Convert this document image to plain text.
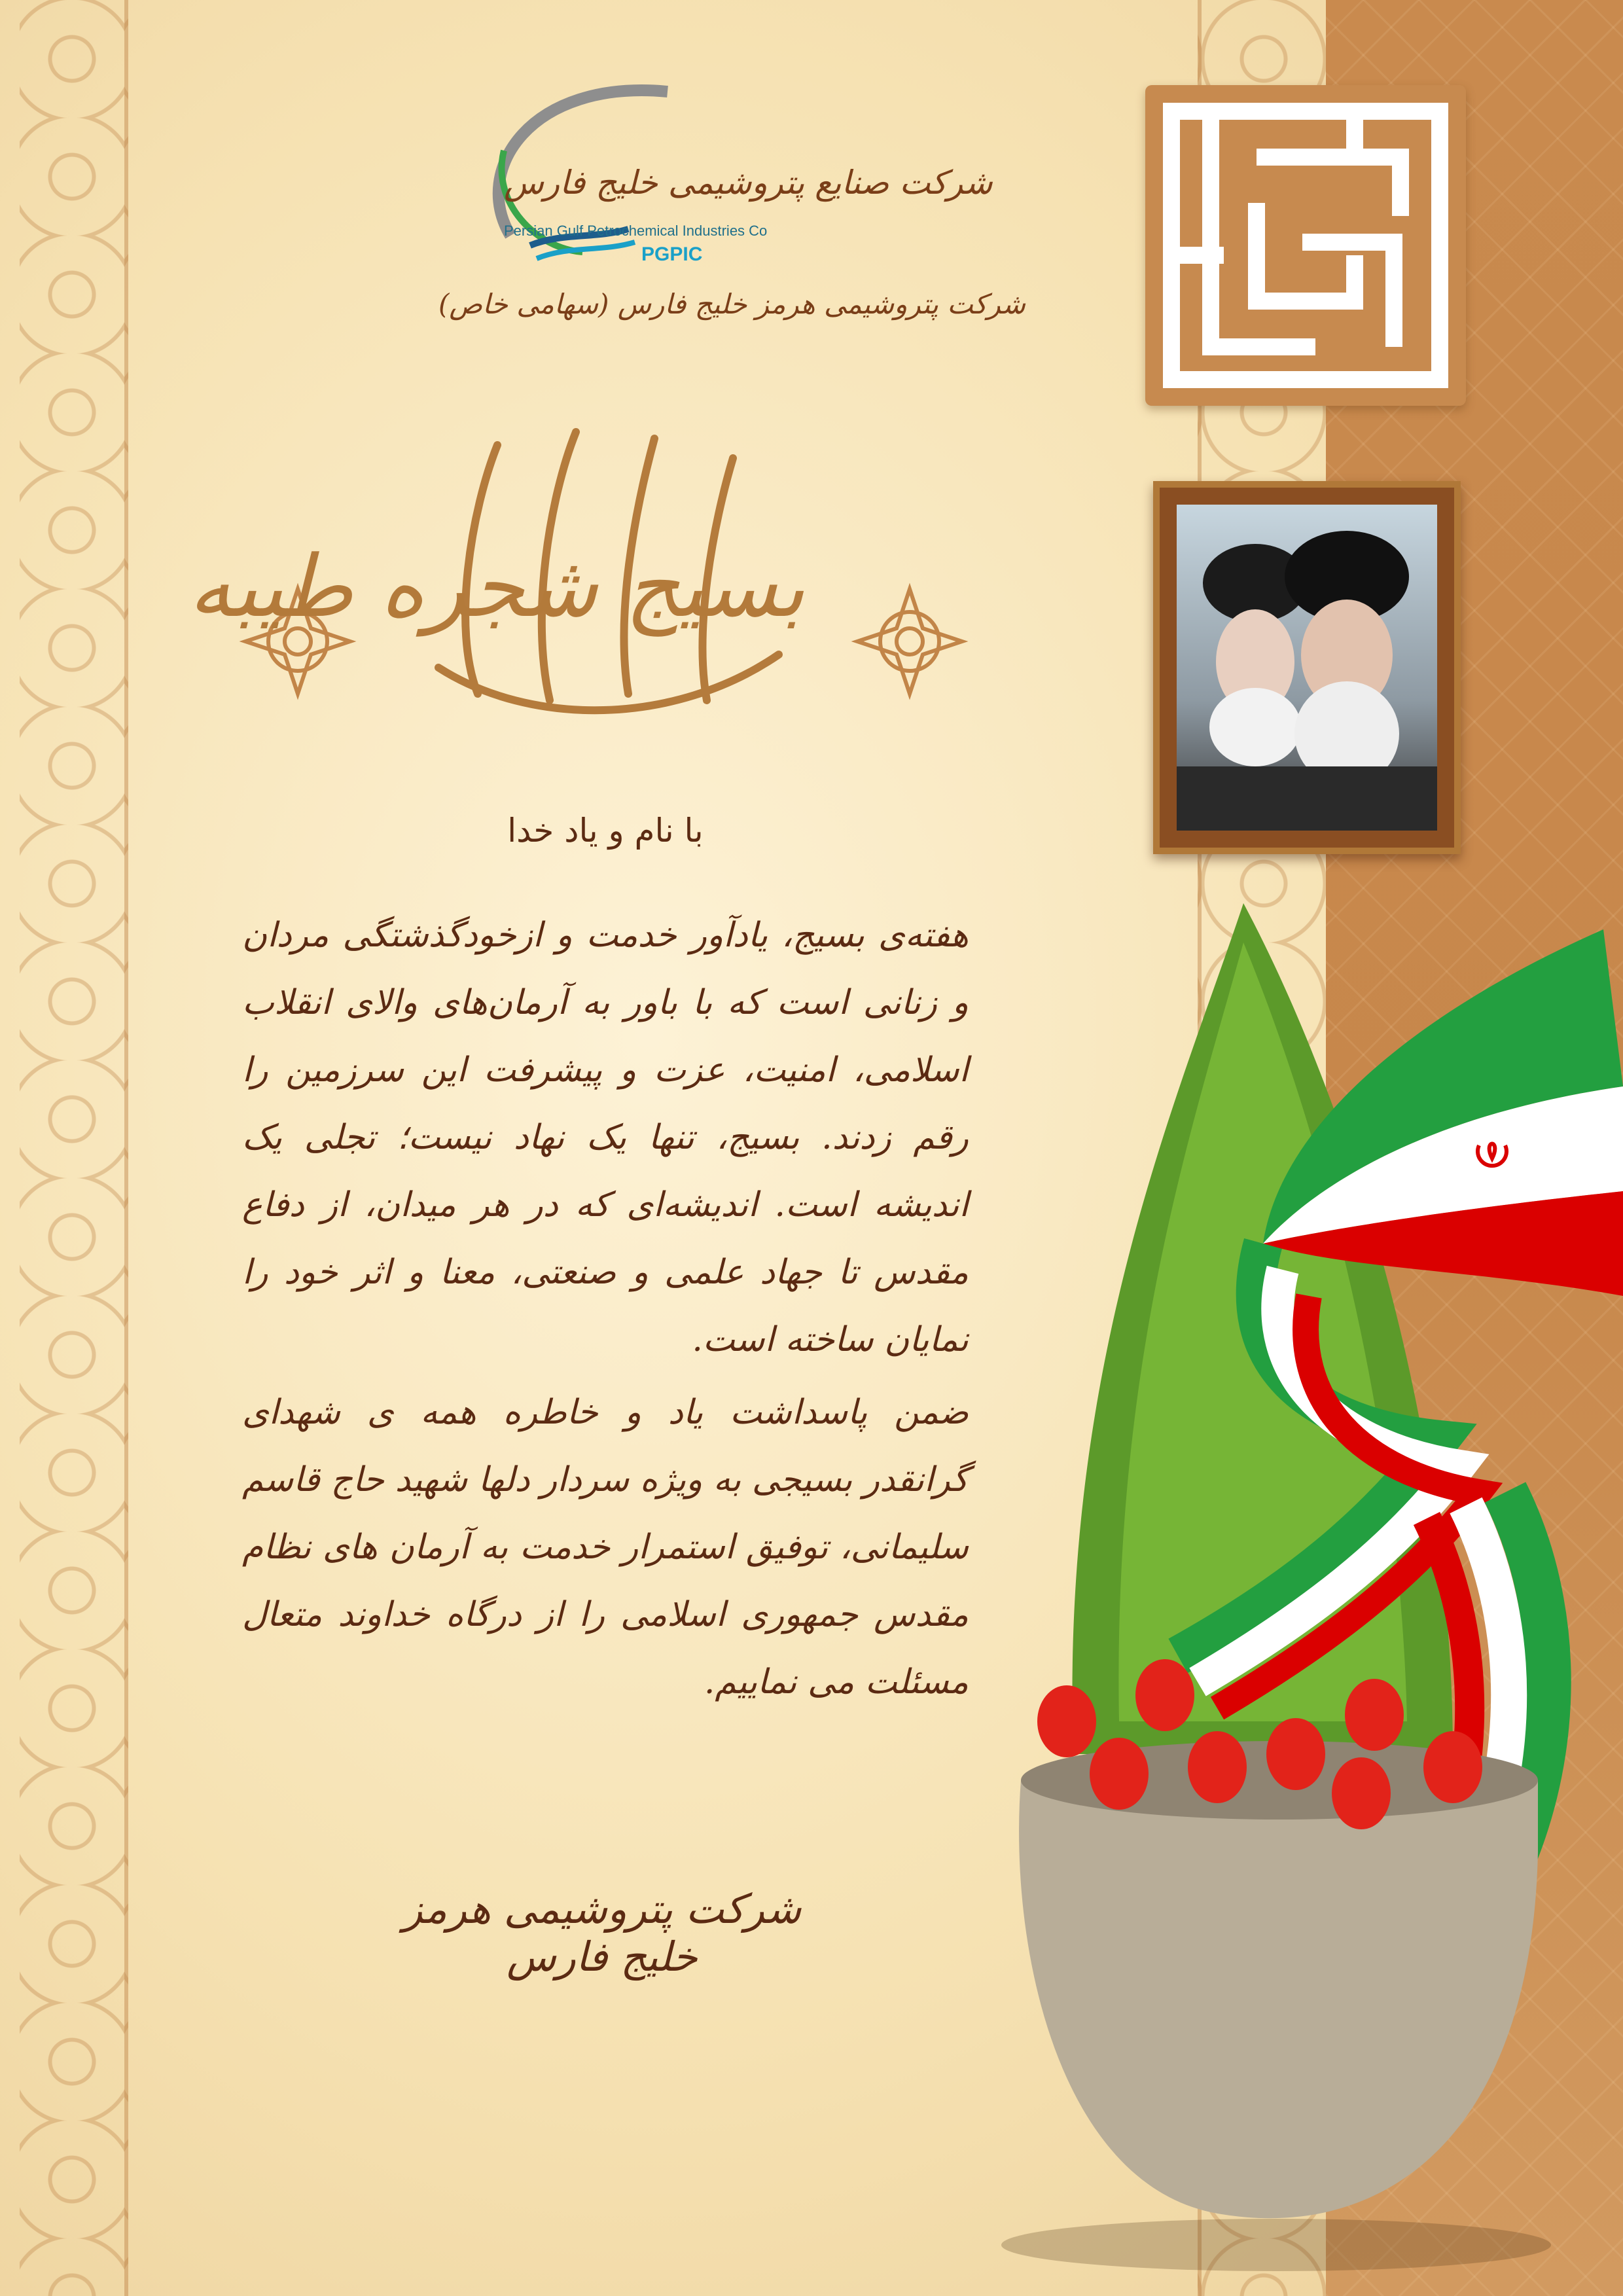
شرکت صنایع پتروشیمی خلیج فارس
Persian Gulf Petrochemical Industries Co
PGPIC
شرکت پتروشیمی هرمز خلیج فارس (سهامی خاص)
بسیج شجره طیبه
با نام و یاد خدا

هفته‌ی بسیج، یادآور خدمت و ازخودگذشتگی مردان و زنانی است که با باور به آرمان‌های والای انقلاب اسلامی، امنیت، عزت و پیشرفت این سرزمین را رقم زدند. بسیج، تنها یک نهاد نیست؛ تجلی یک اندیشه است. اندیشه‌ای که در هر میدان، از دفاع مقدس تا جهاد علمی و صنعتی، معنا و اثر خود را نمایان ساخته است.

ضمن پاسداشت یاد و خاطره همه ی شهدای گرانقدر بسیجی به ویژه سردار دلها شهید حاج قاسم سلیمانی، توفیق استمرار خدمت به آرمان های نظام مقدس جمهوری اسلامی را از درگاه خداوند متعال مسئلت می نماییم.

شرکت پتروشیمی هرمز خلیج فارس
